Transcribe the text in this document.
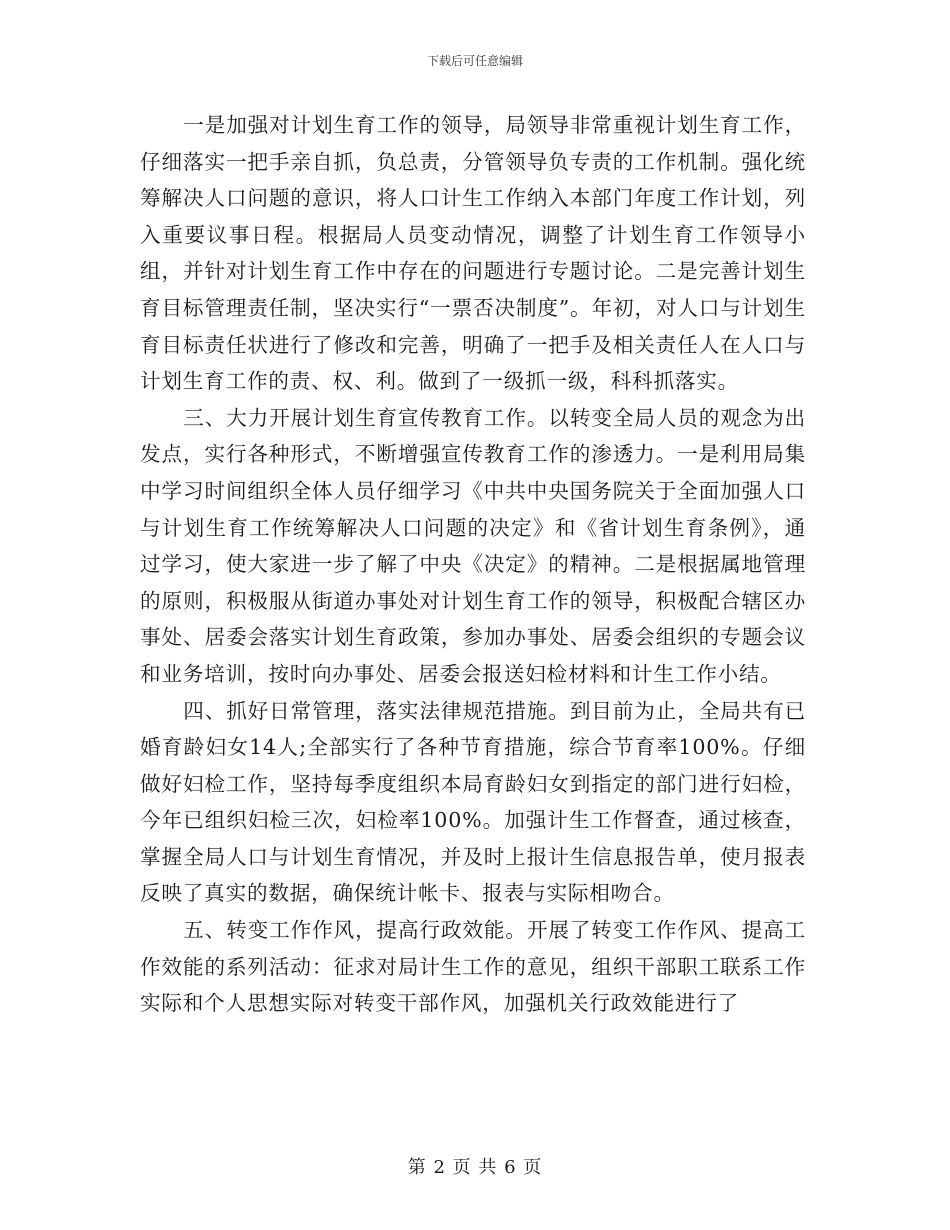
下载后可任意编辑

一是加强对计划生育工作的领导，局领导非常重视计划生育工作，仔细落实一把手亲自抓，负总责，分管领导负专责的工作机制。强化统筹解决人口问题的意识，将人口计生工作纳入本部门年度工作计划，列入重要议事日程。根据局人员变动情况，调整了计划生育工作领导小组，并针对计划生育工作中存在的问题进行专题讨论。二是完善计划生育目标管理责任制，坚决实行“一票否决制度”。年初，对人口与计划生育目标责任状进行了修改和完善，明确了一把手及相关责任人在人口与计划生育工作的责、权、利。做到了一级抓一级，科科抓落实。

三、大力开展计划生育宣传教育工作。以转变全局人员的观念为出发点，实行各种形式，不断增强宣传教育工作的渗透力。一是利用局集中学习时间组织全体人员仔细学习《中共中央国务院关于全面加强人口与计划生育工作统筹解决人口问题的决定》和《省计划生育条例》，通过学习，使大家进一步了解了中央《决定》的精神。二是根据属地管理的原则，积极服从街道办事处对计划生育工作的领导，积极配合辖区办事处、居委会落实计划生育政策，参加办事处、居委会组织的专题会议和业务培训，按时向办事处、居委会报送妇检材料和计生工作小结。

四、抓好日常管理，落实法律规范措施。到目前为止，全局共有已婚育龄妇女14人;全部实行了各种节育措施，综合节育率100%。仔细做好妇检工作，坚持每季度组织本局育龄妇女到指定的部门进行妇检，今年已组织妇检三次，妇检率100%。加强计生工作督查，通过核查，掌握全局人口与计划生育情况，并及时上报计生信息报告单，使月报表反映了真实的数据，确保统计帐卡、报表与实际相吻合。

五、转变工作作风，提高行政效能。开展了转变工作作风、提高工作效能的系列活动：征求对局计生工作的意见，组织干部职工联系工作实际和个人思想实际对转变干部作风，加强机关行政效能进行了

第 2 页 共 6 页
